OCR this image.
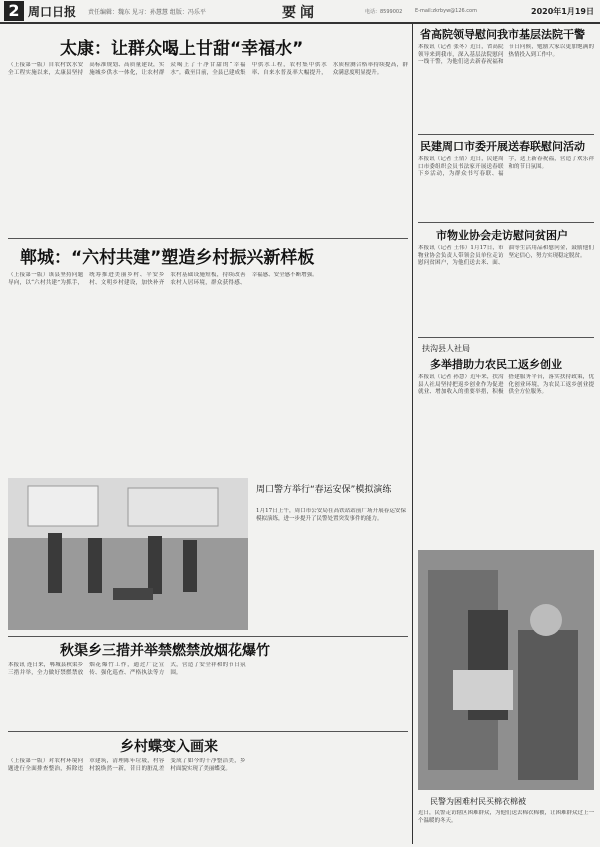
2 周口日报 责任编辑：魏东 见习：孙慧慧 组版：冯乐平	要闻	电话：8599002	E-mail:zkrbyw@126.com	2020年1月19日
太康：让群众喝上甘甜“幸福水”
（上接第一版）自农村饮水安全工程实施以来，太康县坚持高标准规划、高质量建设，实施城乡供水一体化，让农村群众喝上了干净甘甜的“幸福水”。截至目前，全县已建成集中供水工程，农村集中供水率、自来水普及率大幅提升，水质检测合格率持续提高，群众满意度明显提升。
郸城：“六村共建”塑造乡村振兴新样板
（上接第一版）该县坚持问题导向，以“六村共建”为抓手，统筹推进美丽乡村、平安乡村、文明乡村建设，加快补齐农村基础设施短板，持续改善农村人居环境，群众获得感、幸福感、安全感不断增强。
省高院领导慰问我市基层法院干警
本报讯（记者 张冬）近日，省高院领导来到我市，深入基层法院慰问一线干警，为他们送去新春祝福和节日问候，勉励大家以更加饱满的热情投入到工作中。
民建周口市委开展送春联慰问活动
本报讯（记者 王倩）近日，民建周口市委组织会员书法家开展送春联下乡活动，为群众书写春联、福字，送上新春祝福，营造了欢乐祥和的节日氛围。
市物业协会走访慰问贫困户
本报讯（记者 王伟）1月17日，市物业协会负责人带领会员单位走访慰问贫困户，为他们送去米、面、油等生活用品和慰问金，鼓励他们坚定信心，努力实现稳定脱贫。
扶沟县人社局
多举措助力农民工返乡创业
本报讯（记者 孙慧）近年来，扶沟县人社局坚持把返乡创业作为促进就业、增加收入的重要举措，积极搭建服务平台，落实扶持政策，优化创业环境，为农民工返乡创业提供全方位服务。
周口警方举行“春运安保”模拟演练
1月17日上午，周口市公安局在高铁站站前广场开展春运安保模拟演练，进一步提升了民警处置突发事件的能力。
秋渠乡三措并举禁燃禁放烟花爆竹
本报讯 连日来，郸城县秋渠乡三措并举，全力做好禁燃禁放烟花爆竹工作，通过广泛宣传、强化巡查、严格执法等方式，营造了安全祥和的节日氛围。
乡村蝶变入画来
（上接第一版）对农村环境问题进行全面排查整治，拆除违章建筑，清理陈年垃圾，村容村貌焕然一新，昔日的脏乱差变成了如今的干净整洁美，乡村面貌实现了美丽蝶变。
民警为困难村民买棉衣棉被
近日，民警走访辖区困难群众，为他们送去棉衣棉被，让困难群众过上一个温暖的冬天。
